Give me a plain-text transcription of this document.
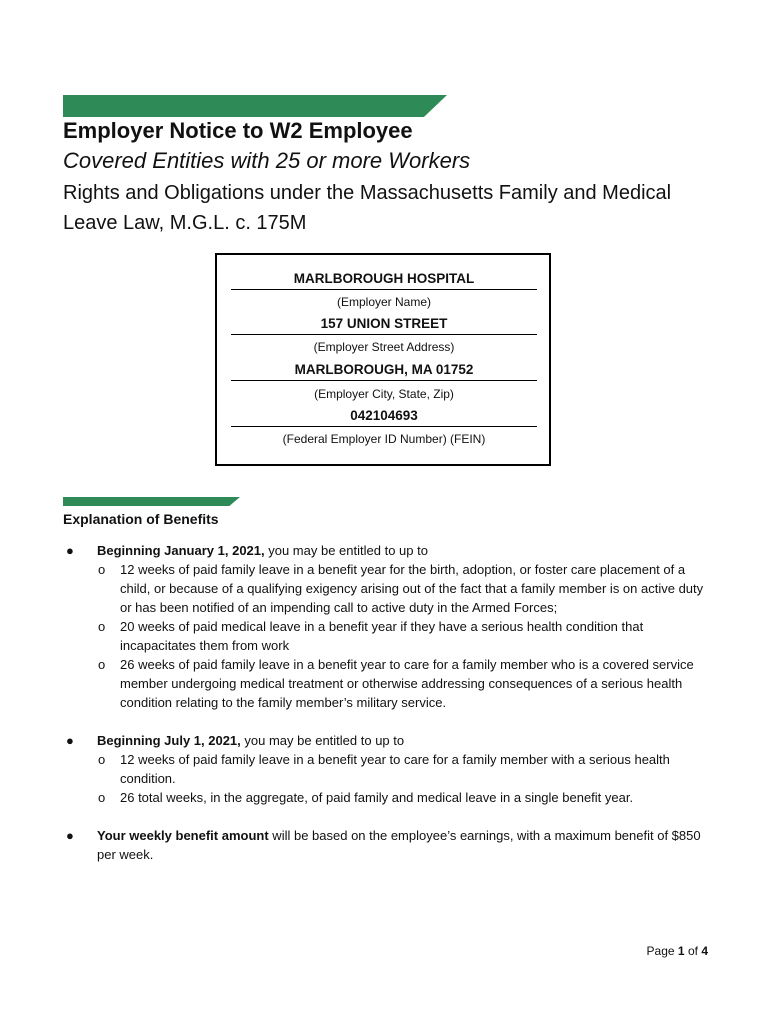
Employer Notice to W2 Employee
Covered Entities with 25 or more Workers
Rights and Obligations under the Massachusetts Family and Medical Leave Law, M.G.L. c. 175M
MARLBOROUGH HOSPITAL
(Employer Name)
157 UNION STREET
(Employer Street Address)
MARLBOROUGH, MA 01752
(Employer City, State, Zip)
042104693
(Federal Employer ID Number) (FEIN)
Explanation of Benefits
● Beginning January 1, 2021, you may be entitled to up to
o 12 weeks of paid family leave in a benefit year for the birth, adoption, or foster care placement of a child, or because of a qualifying exigency arising out of the fact that a family member is on active duty or has been notified of an impending call to active duty in the Armed Forces;
o 20 weeks of paid medical leave in a benefit year if they have a serious health condition that incapacitates them from work
o 26 weeks of paid family leave in a benefit year to care for a family member who is a covered service member undergoing medical treatment or otherwise addressing consequences of a serious health condition relating to the family member’s military service.
● Beginning July 1, 2021, you may be entitled to up to
o 12 weeks of paid family leave in a benefit year to care for a family member with a serious health condition.
o 26 total weeks, in the aggregate, of paid family and medical leave in a single benefit year.
● Your weekly benefit amount will be based on the employee’s earnings, with a maximum benefit of $850 per week.
Page 1 of 4
